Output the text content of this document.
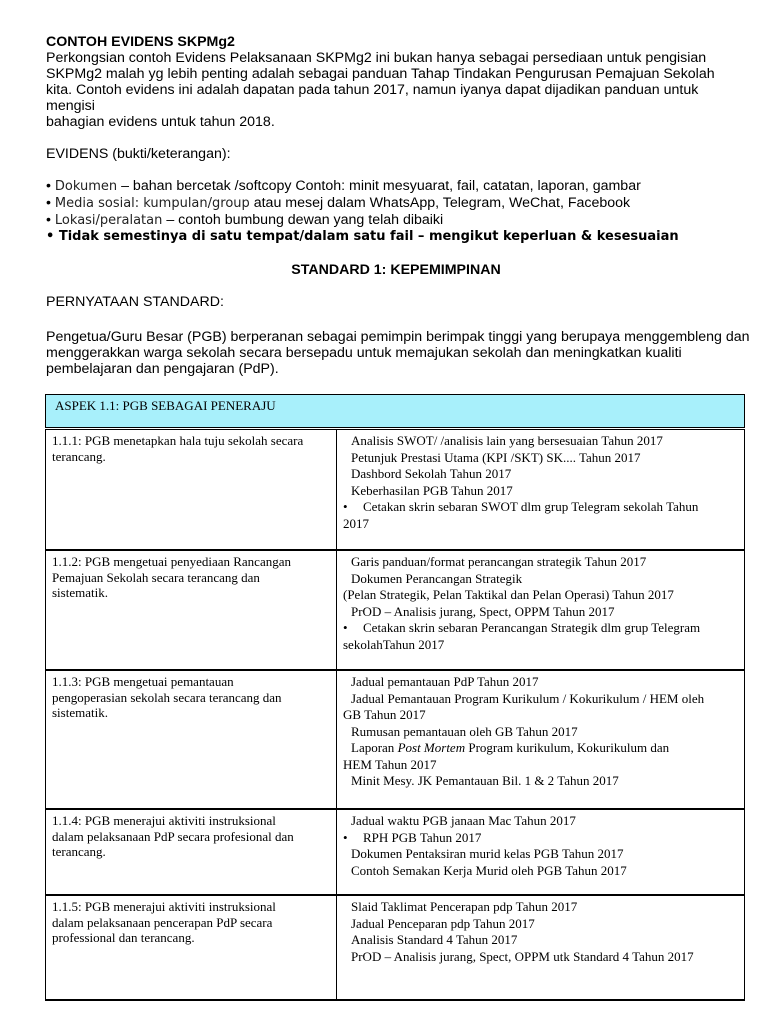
CONTOH EVIDENS SKPMg2
Perkongsian contoh Evidens Pelaksanaan SKPMg2 ini bukan hanya sebagai persediaan untuk pengisian
SKPMg2 malah yg lebih penting adalah sebagai panduan Tahap Tindakan Pengurusan Pemajuan Sekolah
kita. Contoh evidens ini adalah dapatan pada tahun 2017, namun iyanya dapat dijadikan panduan untuk mengisi
bahagian evidens untuk tahun 2018.
EVIDENS (bukti/keterangan):
• Dokumen – bahan bercetak /softcopy Contoh: minit mesyuarat, fail, catatan, laporan, gambar
• Media sosial: kumpulan/group atau mesej dalam WhatsApp, Telegram, WeChat, Facebook
• Lokasi/peralatan – contoh bumbung dewan yang telah dibaiki
• Tidak semestinya di satu tempat/dalam satu fail – mengikut keperluan & kesesuaian
STANDARD 1: KEPEMIMPINAN
PERNYATAAN STANDARD:
Pengetua/Guru Besar (PGB) berperanan sebagai pemimpin berimpak tinggi yang berupaya menggembleng dan
menggerakkan warga sekolah secara bersepadu untuk memajukan sekolah dan meningkatkan kualiti
pembelajaran dan pengajaran (PdP).
ASPEK 1.1: PGB SEBAGAI PENERAJU
1.1.1: PGB menetapkan hala tuju sekolah secara
terancang.
Analisis SWOT/ /analisis lain yang bersesuaian Tahun 2017
Petunjuk Prestasi Utama (KPI /SKT) SK.... Tahun 2017
Dashbord Sekolah Tahun 2017
Keberhasilan PGB Tahun 2017
• Cetakan skrin sebaran SWOT dlm grup Telegram sekolah Tahun
2017
1.1.2: PGB mengetuai penyediaan Rancangan
Pemajuan Sekolah secara terancang dan
sistematik.
Garis panduan/format perancangan strategik Tahun 2017
Dokumen Perancangan Strategik
(Pelan Strategik, Pelan Taktikal dan Pelan Operasi) Tahun 2017
PrOD – Analisis jurang, Spect, OPPM Tahun 2017
• Cetakan skrin sebaran Perancangan Strategik dlm grup Telegram
sekolahTahun 2017
1.1.3: PGB mengetuai pemantauan
pengoperasian sekolah secara terancang dan
sistematik.
Jadual pemantauan PdP Tahun 2017
Jadual Pemantauan Program Kurikulum / Kokurikulum / HEM oleh
GB Tahun 2017
Rumusan pemantauan oleh GB Tahun 2017
Laporan Post Mortem Program kurikulum, Kokurikulum dan
HEM Tahun 2017
Minit Mesy. JK Pemantauan Bil. 1 & 2 Tahun 2017
1.1.4: PGB menerajui aktiviti instruksional
dalam pelaksanaan PdP secara profesional dan
terancang.
Jadual waktu PGB janaan Mac Tahun 2017
• RPH PGB Tahun 2017
Dokumen Pentaksiran murid kelas PGB Tahun 2017
Contoh Semakan Kerja Murid oleh PGB Tahun 2017
1.1.5: PGB menerajui aktiviti instruksional
dalam pelaksanaan pencerapan PdP secara
professional dan terancang.
Slaid Taklimat Pencerapan pdp Tahun 2017
Jadual Penceparan pdp Tahun 2017
Analisis Standard 4 Tahun 2017
PrOD – Analisis jurang, Spect, OPPM utk Standard 4 Tahun 2017
